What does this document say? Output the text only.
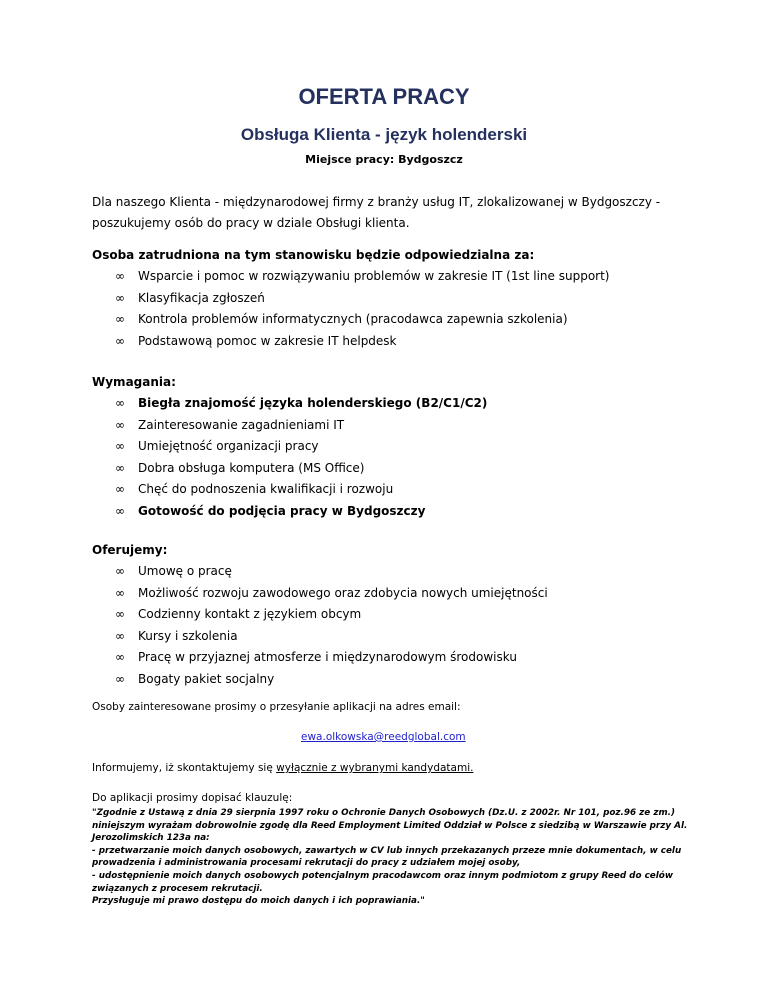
OFERTA PRACY
Obsługa Klienta - język holenderski
Miejsce pracy: Bydgoszcz
Dla naszego Klienta - międzynarodowej firmy z branży usług IT, zlokalizowanej w Bydgoszczy -
poszukujemy osób do pracy w dziale Obsługi klienta.
Osoba zatrudniona na tym stanowisku będzie odpowiedzialna za:
∞ Wsparcie i pomoc w rozwiązywaniu problemów w zakresie IT (1st line support)
∞ Klasyfikacja zgłoszeń
∞ Kontrola problemów informatycznych (pracodawca zapewnia szkolenia)
∞ Podstawową pomoc w zakresie IT helpdesk
Wymagania:
∞ Biegła znajomość języka holenderskiego (B2/C1/C2)
∞ Zainteresowanie zagadnieniami IT
∞ Umiejętność organizacji pracy
∞ Dobra obsługa komputera (MS Office)
∞ Chęć do podnoszenia kwalifikacji i rozwoju
∞ Gotowość do podjęcia pracy w Bydgoszczy
Oferujemy:
∞ Umowę o pracę
∞ Możliwość rozwoju zawodowego oraz zdobycia nowych umiejętności
∞ Codzienny kontakt z językiem obcym
∞ Kursy i szkolenia
∞ Pracę w przyjaznej atmosferze i międzynarodowym środowisku
∞ Bogaty pakiet socjalny
Osoby zainteresowane prosimy o przesyłanie aplikacji na adres email:
ewa.olkowska@reedglobal.com
Informujemy, iż skontaktujemy się wyłącznie z wybranymi kandydatami.
Do aplikacji prosimy dopisać klauzulę:
"Zgodnie z Ustawą z dnia 29 sierpnia 1997 roku o Ochronie Danych Osobowych (Dz.U. z 2002r. Nr 101, poz.96 ze zm.)
niniejszym wyrażam dobrowolnie zgodę dla Reed Employment Limited Oddział w Polsce z siedzibą w Warszawie przy Al.
Jerozolimskich 123a na:
- przetwarzanie moich danych osobowych, zawartych w CV lub innych przekazanych przeze mnie dokumentach, w celu
prowadzenia i administrowania procesami rekrutacji do pracy z udziałem mojej osoby,
- udostępnienie moich danych osobowych potencjalnym pracodawcom oraz innym podmiotom z grupy Reed do celów
związanych z procesem rekrutacji.
Przysługuje mi prawo dostępu do moich danych i ich poprawiania."
